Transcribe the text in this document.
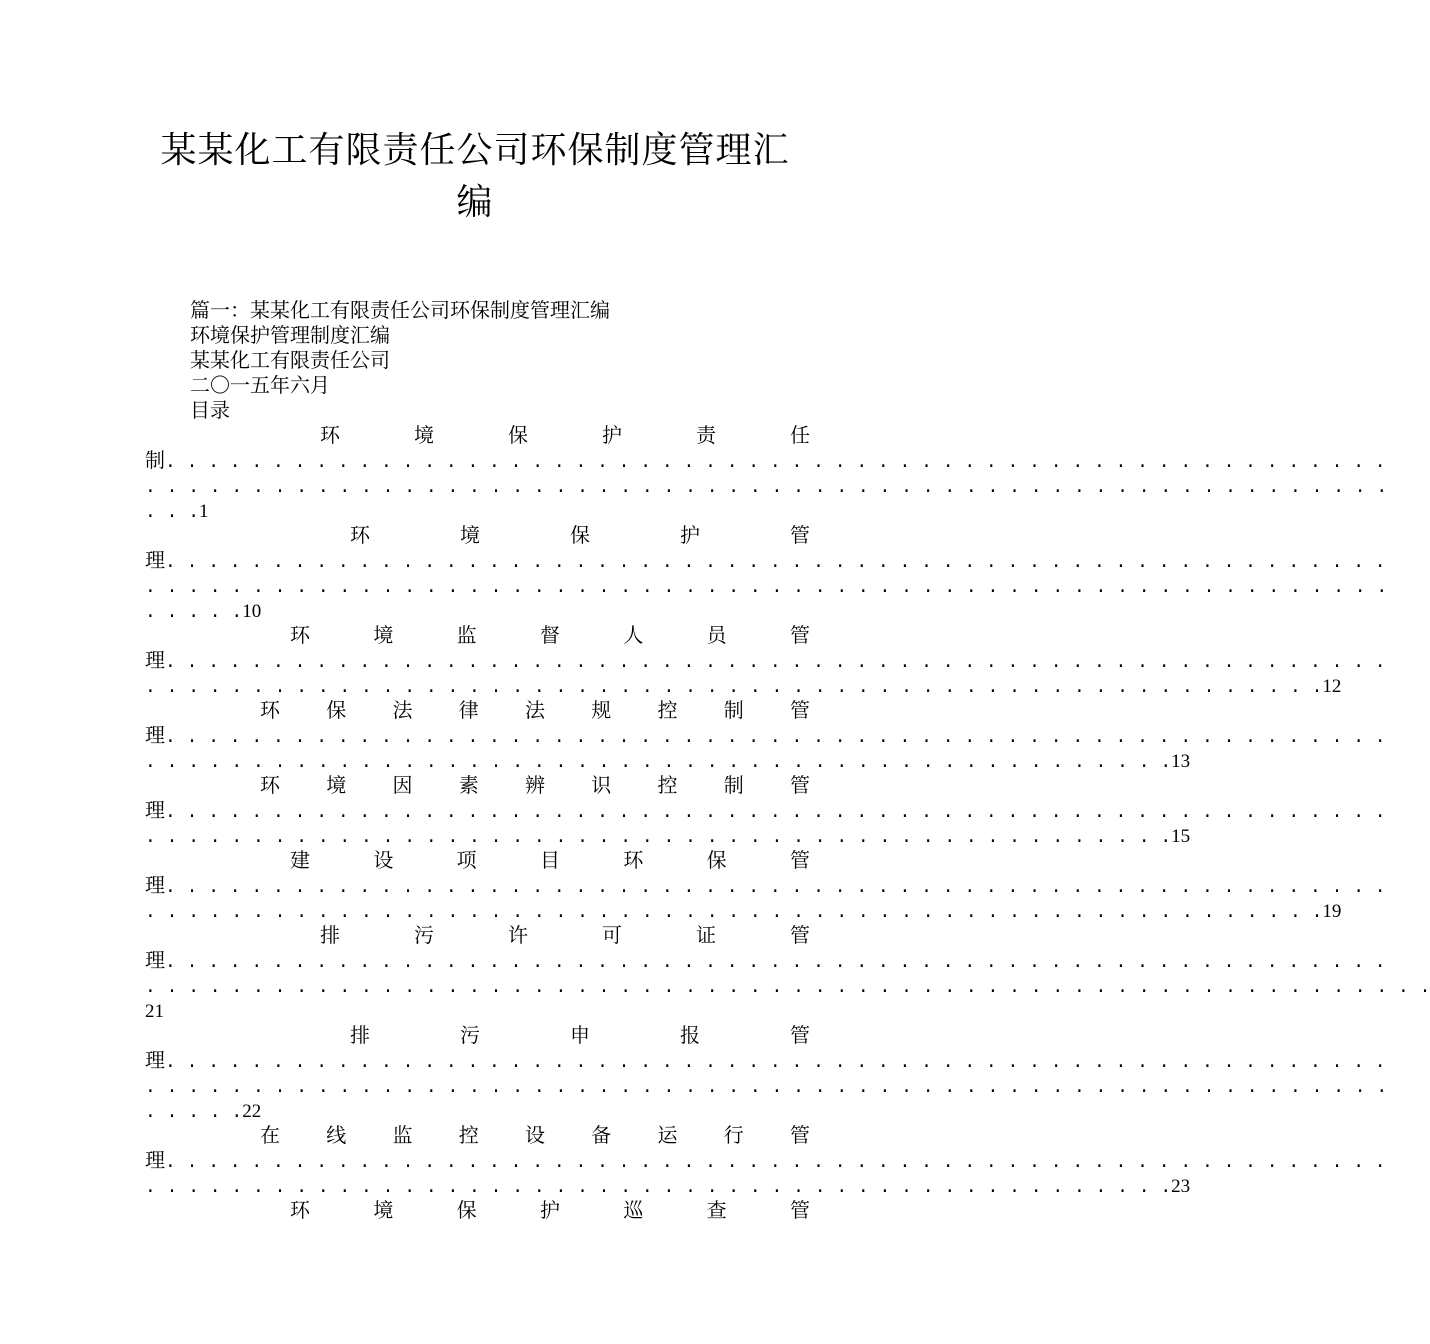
某某化工有限责任公司环保制度管理汇
编
篇一：某某化工有限责任公司环保制度管理汇编
环境保护管理制度汇编
某某化工有限责任公司
二〇一五年六月
目录
环	境	保	护	责	任
制. . . . . . . . . . . . . . . . . . . . . . . . . . . . . . . . . . . . . . . . . . . . . . . . . . . . . . . . .
. . . . . . . . . . . . . . . . . . . . . . . . . . . . . . . . . . . . . . . . . . . . . . . . . . . . . . . . . .
. . .1
环	境	保	护	管
理. . . . . . . . . . . . . . . . . . . . . . . . . . . . . . . . . . . . . . . . . . . . . . . . . . . . . . . . .
. . . . . . . . . . . . . . . . . . . . . . . . . . . . . . . . . . . . . . . . . . . . . . . . . . . . . . . . . .
. . . . .10
环	境	监	督	人	员	管
理. . . . . . . . . . . . . . . . . . . . . . . . . . . . . . . . . . . . . . . . . . . . . . . . . . . . . . . . .
. . . . . . . . . . . . . . . . . . . . . . . . . . . . . . . . . . . . . . . . . . . . . . . . . . . . . . .12
环 保 法 律 法 规 控 制 管
理. . . . . . . . . . . . . . . . . . . . . . . . . . . . . . . . . . . . . . . . . . . . . . . . . . . . . . . . .
. . . . . . . . . . . . . . . . . . . . . . . . . . . . . . . . . . . . . . . . . . . . . . . .13
环 境 因 素 辨 识 控 制 管
理. . . . . . . . . . . . . . . . . . . . . . . . . . . . . . . . . . . . . . . . . . . . . . . . . . . . . . . . .
. . . . . . . . . . . . . . . . . . . . . . . . . . . . . . . . . . . . . . . . . . . . . . . .15
建	设	项	目	环	保	管
理. . . . . . . . . . . . . . . . . . . . . . . . . . . . . . . . . . . . . . . . . . . . . . . . . . . . . . . . .
. . . . . . . . . . . . . . . . . . . . . . . . . . . . . . . . . . . . . . . . . . . . . . . . . . . . . . .19
排	污	许	可	证	管
理. . . . . . . . . . . . . . . . . . . . . . . . . . . . . . . . . . . . . . . . . . . . . . . . . . . . . . . . .
. . . . . . . . . . . . . . . . . . . . . . . . . . . . . . . . . . . . . . . . . . . . . . . . . . . . . . . . . . . .
21
排	污	申	报	管
理. . . . . . . . . . . . . . . . . . . . . . . . . . . . . . . . . . . . . . . . . . . . . . . . . . . . . . . . .
. . . . . . . . . . . . . . . . . . . . . . . . . . . . . . . . . . . . . . . . . . . . . . . . . . . . . . . . . .
. . . . .22
在 线 监 控 设 备 运 行 管
理. . . . . . . . . . . . . . . . . . . . . . . . . . . . . . . . . . . . . . . . . . . . . . . . . . . . . . . . .
. . . . . . . . . . . . . . . . . . . . . . . . . . . . . . . . . . . . . . . . . . . . . . . .23
环	境	保	护	巡	查	管
